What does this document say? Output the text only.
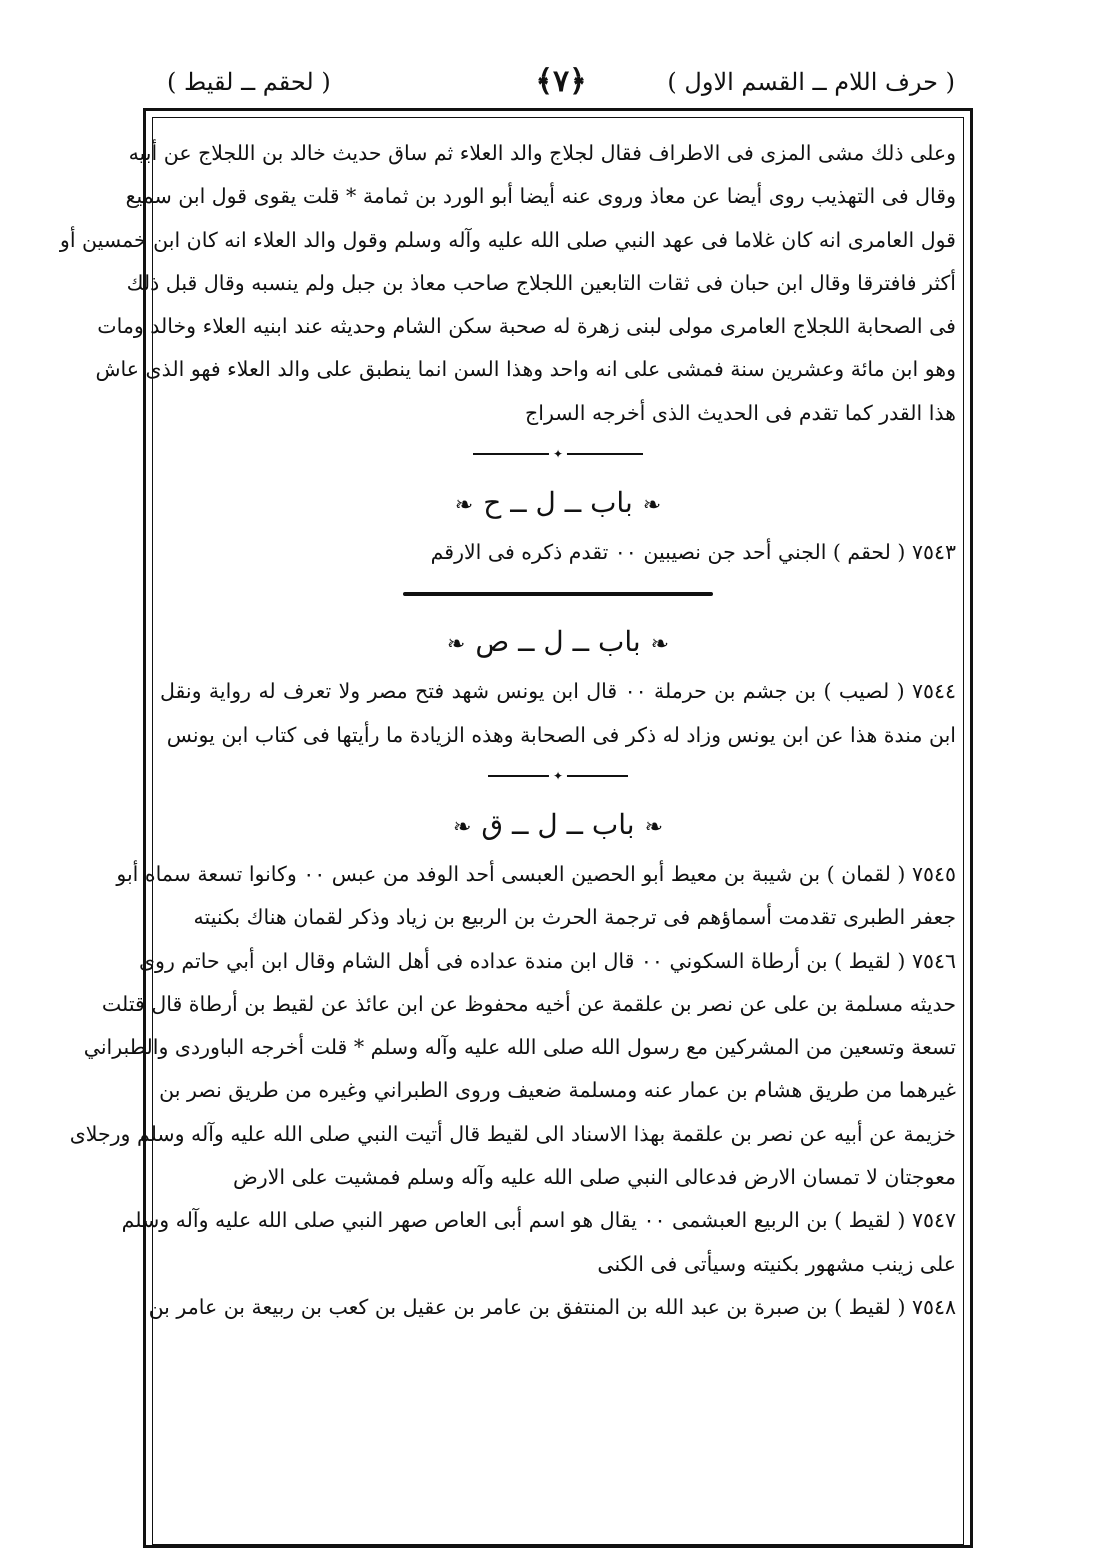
( حرف اللام ــ القسم الاول )
﴿٧﴾
( لحقم ــ لقيط )
وعلى ذلك مشى المزى فى الاطراف فقال لجلاج والد العلاء ثم ساق حديث خالد بن اللجلاج عن أبيه
وقال فى التهذيب روى أيضا عن معاذ وروى عنه أيضا أبو الورد بن ثمامة * قلت يقوى قول ابن سميع
قول العامرى انه كان غلاما فى عهد النبي صلى الله عليه وآله وسلم وقول والد العلاء انه كان ابن خمسين أو
أكثر فافترقا وقال ابن حبان فى ثقات التابعين اللجلاج صاحب معاذ بن جبل ولم ينسبه وقال قبل ذلك
فى الصحابة اللجلاج العامرى مولى لبنى زهرة له صحبة سكن الشام وحديثه عند ابنيه العلاء وخالد ومات
وهو ابن مائة وعشرين سنة فمشى على انه واحد وهذا السن انما ينطبق على والد العلاء فهو الذى عاش
هذا القدر كما تقدم فى الحديث الذى أخرجه السراج
✦
❧باب ــ ل ــ ح❧
٧٥٤٣ ( لحقم ) الجني أحد جن نصيبين ٠٠ تقدم ذكره فى الارقم
❧باب ــ ل ــ ص❧
٧٥٤٤ ( لصيب ) بن جشم بن حرملة ٠٠ قال ابن يونس شهد فتح مصر ولا تعرف له رواية ونقل
ابن مندة هذا عن ابن يونس وزاد له ذكر فى الصحابة وهذه الزيادة ما رأيتها فى كتاب ابن يونس
✦
❧باب ــ ل ــ ق❧
٧٥٤٥ ( لقمان ) بن شيبة بن معيط أبو الحصين العبسى أحد الوفد من عبس ٠٠ وكانوا تسعة سماه أبو
جعفر الطبرى تقدمت أسماؤهم فى ترجمة الحرث بن الربيع بن زياد وذكر لقمان هناك بكنيته
٧٥٤٦ ( لقيط ) بن أرطاة السكوني ٠٠ قال ابن مندة عداده فى أهل الشام وقال ابن أبي حاتم روى
حديثه مسلمة بن على عن نصر بن علقمة عن أخيه محفوظ عن ابن عائذ عن لقيط بن أرطاة قال قتلت
تسعة وتسعين من المشركين مع رسول الله صلى الله عليه وآله وسلم * قلت أخرجه الباوردى والطبراني
غيرهما من طريق هشام بن عمار عنه ومسلمة ضعيف وروى الطبراني وغيره من طريق نصر بن
خزيمة عن أبيه عن نصر بن علقمة بهذا الاسناد الى لقيط قال أتيت النبي صلى الله عليه وآله وسلم ورجلاى
معوجتان لا تمسان الارض فدعالى النبي صلى الله عليه وآله وسلم فمشيت على الارض
٧٥٤٧ ( لقيط ) بن الربيع العبشمى ٠٠ يقال هو اسم أبى العاص صهر النبي صلى الله عليه وآله وسلم
على زينب مشهور بكنيته وسيأتى فى الكنى
٧٥٤٨ ( لقيط ) بن صبرة بن عبد الله بن المنتفق بن عامر بن عقيل بن كعب بن ربيعة بن عامر بن
